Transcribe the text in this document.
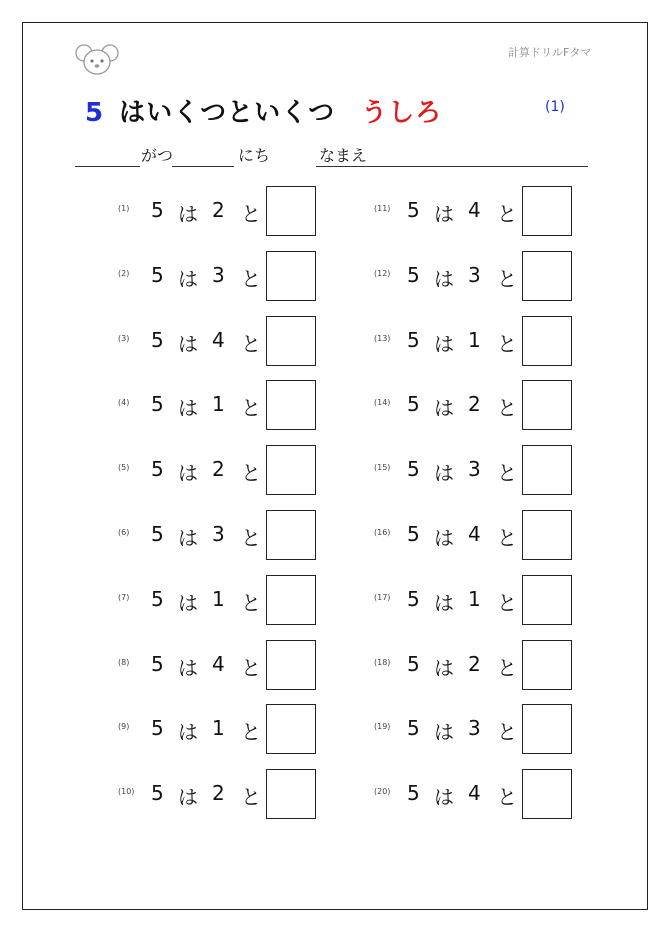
計算ドリルFタマ
5 はいくつといくつ うしろ	(1)
がつ	にち	なまえ
(1) 5 は 2 と
(2) 5 は 3 と
(3) 5 は 4 と
(4) 5 は 1 と
(5) 5 は 2 と
(6) 5 は 3 と
(7) 5 は 1 と
(8) 5 は 4 と
(9) 5 は 1 と
(10) 5 は 2 と
(11) 5 は 4 と
(12) 5 は 3 と
(13) 5 は 1 と
(14) 5 は 2 と
(15) 5 は 3 と
(16) 5 は 4 と
(17) 5 は 1 と
(18) 5 は 2 と
(19) 5 は 3 と
(20) 5 は 4 と
